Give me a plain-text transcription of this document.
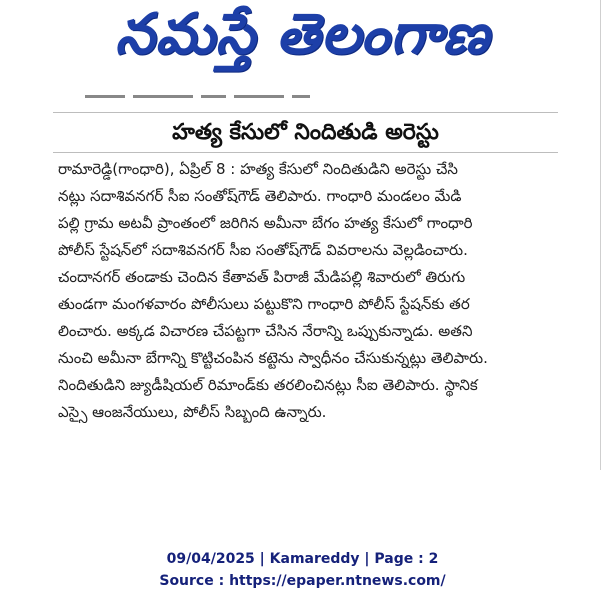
నమస్తే తెలంగాణ
హత్య కేసులో నిందితుడి అరెస్టు
రామారెడ్డి(గాంధారి), ఏప్రిల్ 8 : హత్య కేసులో నిందితుడిని అరెస్టు చేసి
నట్లు సదాశివనగర్ సీఐ సంతోష్‌గౌడ్ తెలిపారు. గాంధారి మండలం మేడి
పల్లి గ్రామ అటవీ ప్రాంతంలో జరిగిన అమీనా బేగం హత్య కేసులో గాంధారి
పోలీస్ స్టేషన్‌లో సదాశివనగర్ సీఐ సంతోష్‌గౌడ్ వివరాలను వెల్లడించారు.
చందానగర్ తండాకు చెందిన కేతావత్ పిరాజీ మేడిపల్లి శివారులో తిరుగు
తుండగా మంగళవారం పోలీసులు పట్టుకొని గాంధారి పోలీస్ స్టేషన్‌కు తర
లించారు. అక్కడ విచారణ చేపట్టగా చేసిన నేరాన్ని ఒప్పుకున్నాడు. అతని
నుంచి అమీనా బేగాన్ని కొట్టిచంపిన కట్టెను స్వాధీనం చేసుకున్నట్లు తెలిపారు.
నిందితుడిని జ్యుడీషియల్ రిమాండ్‌కు తరలించినట్లు సీఐ తెలిపారు. స్థానిక
ఎస్సై ఆంజనేయులు, పోలీస్ సిబ్బంది ఉన్నారు.
09/04/2025 | Kamareddy | Page : 2
Source : https://epaper.ntnews.com/
